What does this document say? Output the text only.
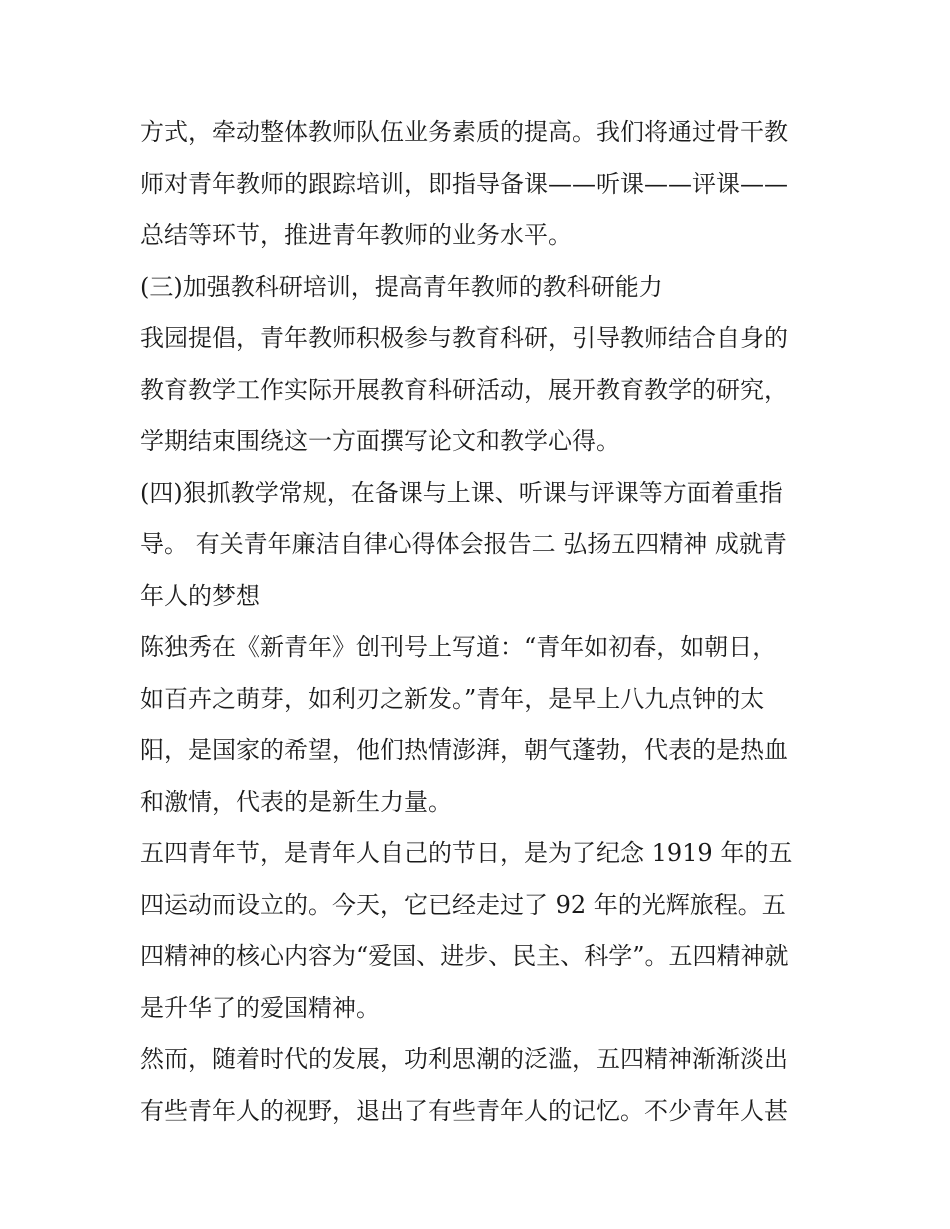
方式，牵动整体教师队伍业务素质的提高。我们将通过骨干教
师对青年教师的跟踪培训，即指导备课——听课——评课——
总结等环节，推进青年教师的业务水平。
(三)加强教科研培训，提高青年教师的教科研能力
我园提倡，青年教师积极参与教育科研，引导教师结合自身的
教育教学工作实际开展教育科研活动，展开教育教学的研究，
学期结束围绕这一方面撰写论文和教学心得。
(四)狠抓教学常规，在备课与上课、听课与评课等方面着重指
导。 有关青年廉洁自律心得体会报告二 弘扬五四精神 成就青
年人的梦想
陈独秀在《新青年》创刊号上写道：“青年如初春，如朝日，
如百卉之萌芽，如利刃之新发。”青年，是早上八九点钟的太
阳，是国家的希望，他们热情澎湃，朝气蓬勃，代表的是热血
和激情，代表的是新生力量。
五四青年节，是青年人自己的节日，是为了纪念 1919 年的五
四运动而设立的。今天，它已经走过了 92 年的光辉旅程。五
四精神的核心内容为“爱国、进步、民主、科学”。五四精神就
是升华了的爱国精神。
然而，随着时代的发展，功利思潮的泛滥，五四精神渐渐淡出
有些青年人的视野，退出了有些青年人的记忆。不少青年人甚
